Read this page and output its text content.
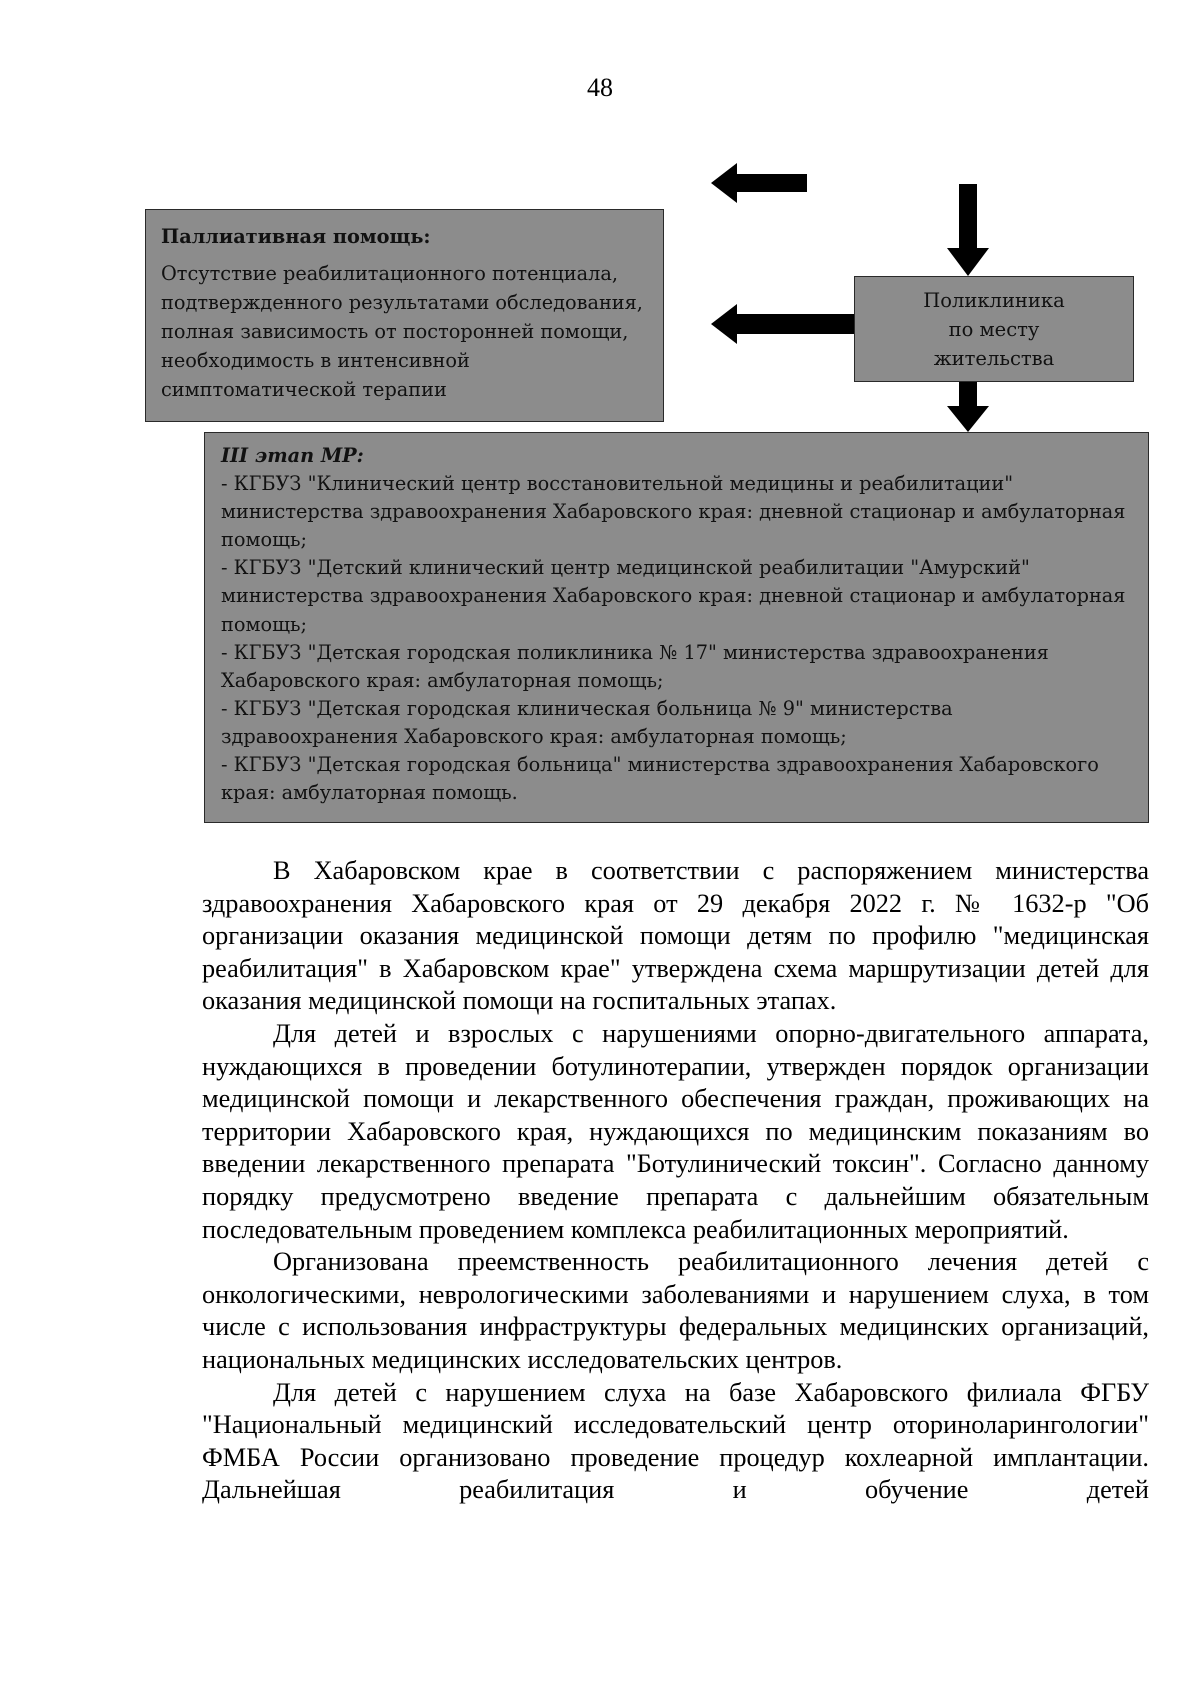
48
Паллиативная помощь:
Отсутствие реабилитационного потенциала,
подтвержденного результатами обследования,
полная зависимость от посторонней помощи,
необходимость в интенсивной
симптоматической терапии
Поликлиника
по месту
жительства
III этап МР:
- КГБУЗ "Клинический центр восстановительной медицины и реабилитации" министерства здравоохранения Хабаровского края: дневной стационар и амбулаторная помощь;
- КГБУЗ "Детский клинический центр медицинской реабилитации "Амурский" министерства здравоохранения Хабаровского края: дневной стационар и амбулаторная помощь;
- КГБУЗ "Детская городская поликлиника № 17" министерства здравоохранения Хабаровского края: амбулаторная помощь;
- КГБУЗ "Детская городская клиническая больница № 9" министерства здравоохранения Хабаровского края: амбулаторная помощь;
- КГБУЗ "Детская городская больница" министерства здравоохранения Хабаровского края: амбулаторная помощь.

В Хабаровском крае в соответствии с распоряжением министерства здравоохранения Хабаровского края от 29 декабря 2022 г. № 1632-р "Об организации оказания медицинской помощи детям по профилю "медицинская реабилитация" в Хабаровском крае" утверждена схема маршрутизации детей для оказания медицинской помощи на госпитальных этапах.

Для детей и взрослых с нарушениями опорно-двигательного аппарата, нуждающихся в проведении ботулинотерапии, утвержден порядок организации медицинской помощи и лекарственного обеспечения граждан, проживающих на территории Хабаровского края, нуждающихся по медицинским показаниям во введении лекарственного препарата "Ботулинический токсин". Согласно данному порядку предусмотрено введение препарата с дальнейшим обязательным последовательным проведением комплекса реабилитационных мероприятий.

Организована преемственность реабилитационного лечения детей с онкологическими, неврологическими заболеваниями и нарушением слуха, в том числе с использования инфраструктуры федеральных медицинских организаций, национальных медицинских исследовательских центров.

Для детей с нарушением слуха на базе Хабаровского филиала ФГБУ "Национальный медицинский исследовательский центр оториноларингологии" ФМБА России организовано проведение процедур кохлеарной имплантации. Дальнейшая реабилитация и обучение детей
